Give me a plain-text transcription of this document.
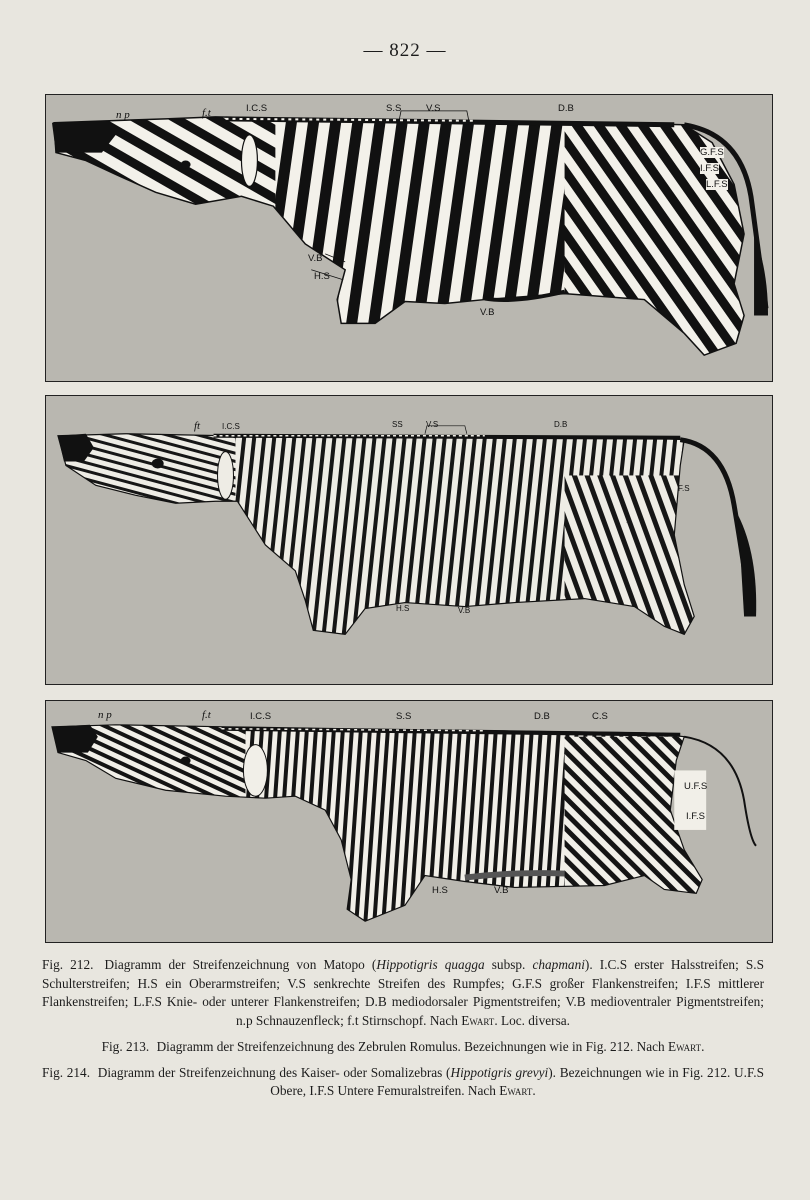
— 822 —
n p	f.t	I.C.S	S.S	V.S	D.B
G.F.S
I.F.S
L.F.S
V.B
H.S
V.B
ft	I.C.S	SS	V.S	D.B
F.S
H.S	V.B
n p	f.t	I.C.S	S.S	D.B	C.S
U.F.S
I.F.S
H.S	V.B

Fig. 212. Diagramm der Streifenzeichnung von Matopo (Hippotigris quagga subsp. chapmani). I.C.S erster Halsstreifen; S.S Schulterstreifen; H.S ein Oberarmstreifen; V.S senkrechte Streifen des Rumpfes; G.F.S großer Flankenstreifen; I.F.S mittlerer Flankenstreifen; L.F.S Knie- oder unterer Flankenstreifen; D.B mediodorsaler Pigmentstreifen; V.B medioventraler Pigmentstreifen; n.p Schnauzenfleck; f.t Stirnschopf. Nach Ewart. Loc. diversa.

Fig. 213. Diagramm der Streifenzeichnung des Zebrulen Romulus. Bezeichnungen wie in Fig. 212. Nach Ewart.

Fig. 214. Diagramm der Streifenzeichnung des Kaiser- oder Somalizebras (Hippotigris grevyi). Bezeichnungen wie in Fig. 212. U.F.S Obere, I.F.S Untere Femuralstreifen. Nach Ewart.
